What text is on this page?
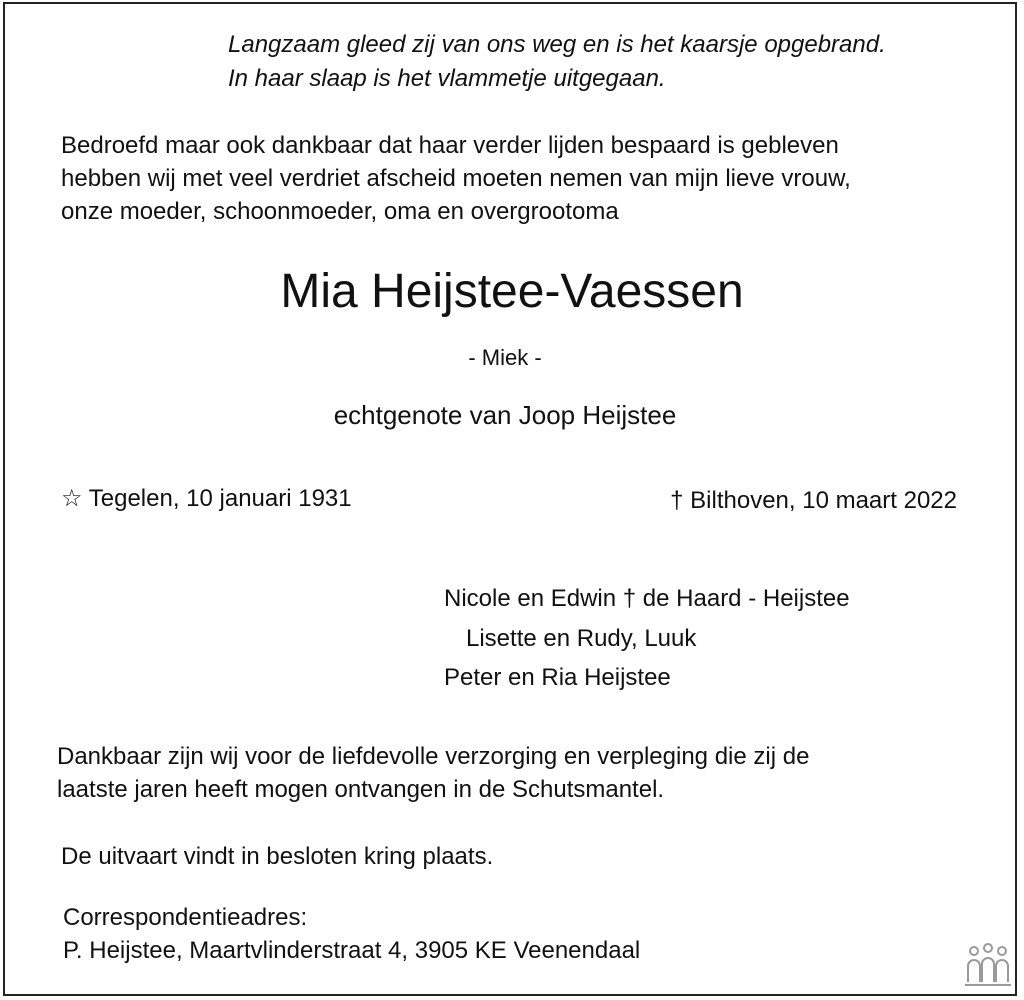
Langzaam gleed zij van ons weg en is het kaarsje opgebrand.
In haar slaap is het vlammetje uitgegaan.
Bedroefd maar ook dankbaar dat haar verder lijden bespaard is gebleven
hebben wij met veel verdriet afscheid moeten nemen van mijn lieve vrouw,
onze moeder, schoonmoeder, oma en overgrootoma
Mia Heijstee-Vaessen
- Miek -
echtgenote van Joop Heijstee
☆ Tegelen, 10 januari 1931	† Bilthoven, 10 maart 2022
Nicole en Edwin † de Haard - Heijstee
Lisette en Rudy, Luuk
Peter en Ria Heijstee
Dankbaar zijn wij voor de liefdevolle verzorging en verpleging die zij de
laatste jaren heeft mogen ontvangen in de Schutsmantel.
De uitvaart vindt in besloten kring plaats.
Correspondentieadres:
P. Heijstee, Maartvlinderstraat 4, 3905 KE Veenendaal
